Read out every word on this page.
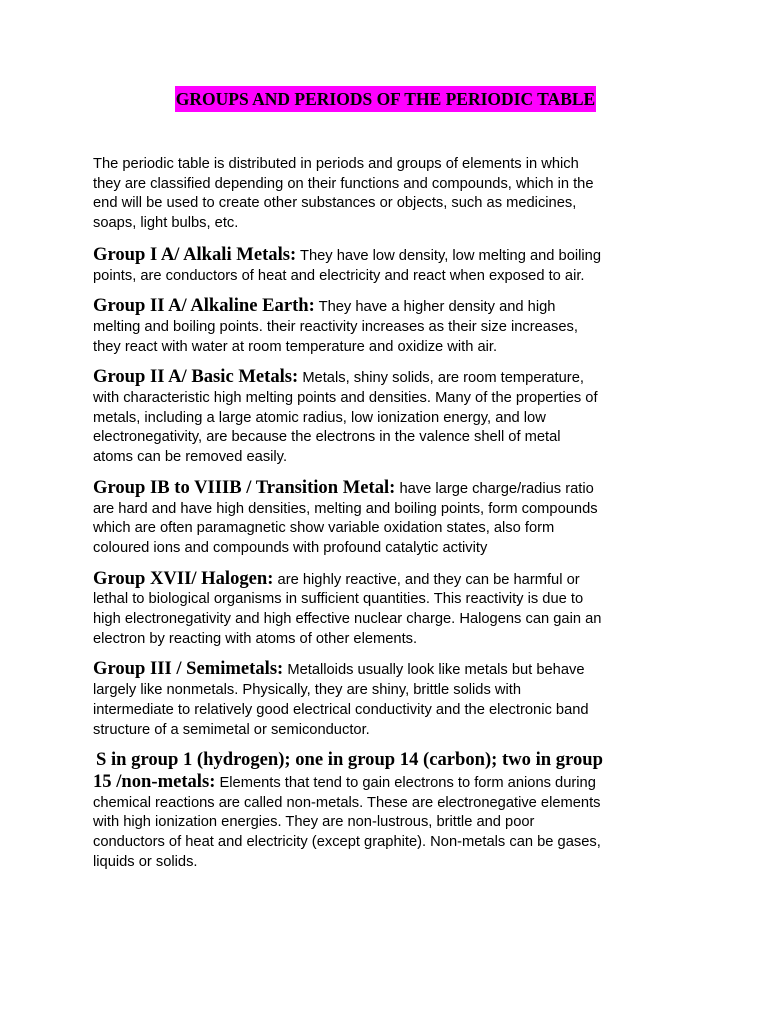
GROUPS AND PERIODS OF THE PERIODIC TABLE
The periodic table is distributed in periods and groups of elements in which
they are classified depending on their functions and compounds, which in the
end will be used to create other substances or objects, such as medicines,
soaps, light bulbs, etc.
Group I A/ Alkali Metals: They have low density, low melting and boiling
points, are conductors of heat and electricity and react when exposed to air.
Group II A/ Alkaline Earth: They have a higher density and high
melting and boiling points. their reactivity increases as their size increases,
they react with water at room temperature and oxidize with air.
Group II A/ Basic Metals: Metals, shiny solids, are room temperature,
with characteristic high melting points and densities. Many of the properties of
metals, including a large atomic radius, low ionization energy, and low
electronegativity, are because the electrons in the valence shell of metal
atoms can be removed easily.
Group IB to VIIIB / Transition Metal: have large charge/radius ratio
are hard and have high densities, melting and boiling points, form compounds
which are often paramagnetic show variable oxidation states, also form
coloured ions and compounds with profound catalytic activity
Group XVII/ Halogen: are highly reactive, and they can be harmful or
lethal to biological organisms in sufficient quantities. This reactivity is due to
high electronegativity and high effective nuclear charge. Halogens can gain an
electron by reacting with atoms of other elements.
Group III / Semimetals: Metalloids usually look like metals but behave
largely like nonmetals. Physically, they are shiny, brittle solids with
intermediate to relatively good electrical conductivity and the electronic band
structure of a semimetal or semiconductor.
S in group 1 (hydrogen); one in group 14 (carbon); two in group
15 /non-metals: Elements that tend to gain electrons to form anions during
chemical reactions are called non-metals. These are electronegative elements
with high ionization energies. They are non-lustrous, brittle and poor
conductors of heat and electricity (except graphite). Non-metals can be gases,
liquids or solids.
